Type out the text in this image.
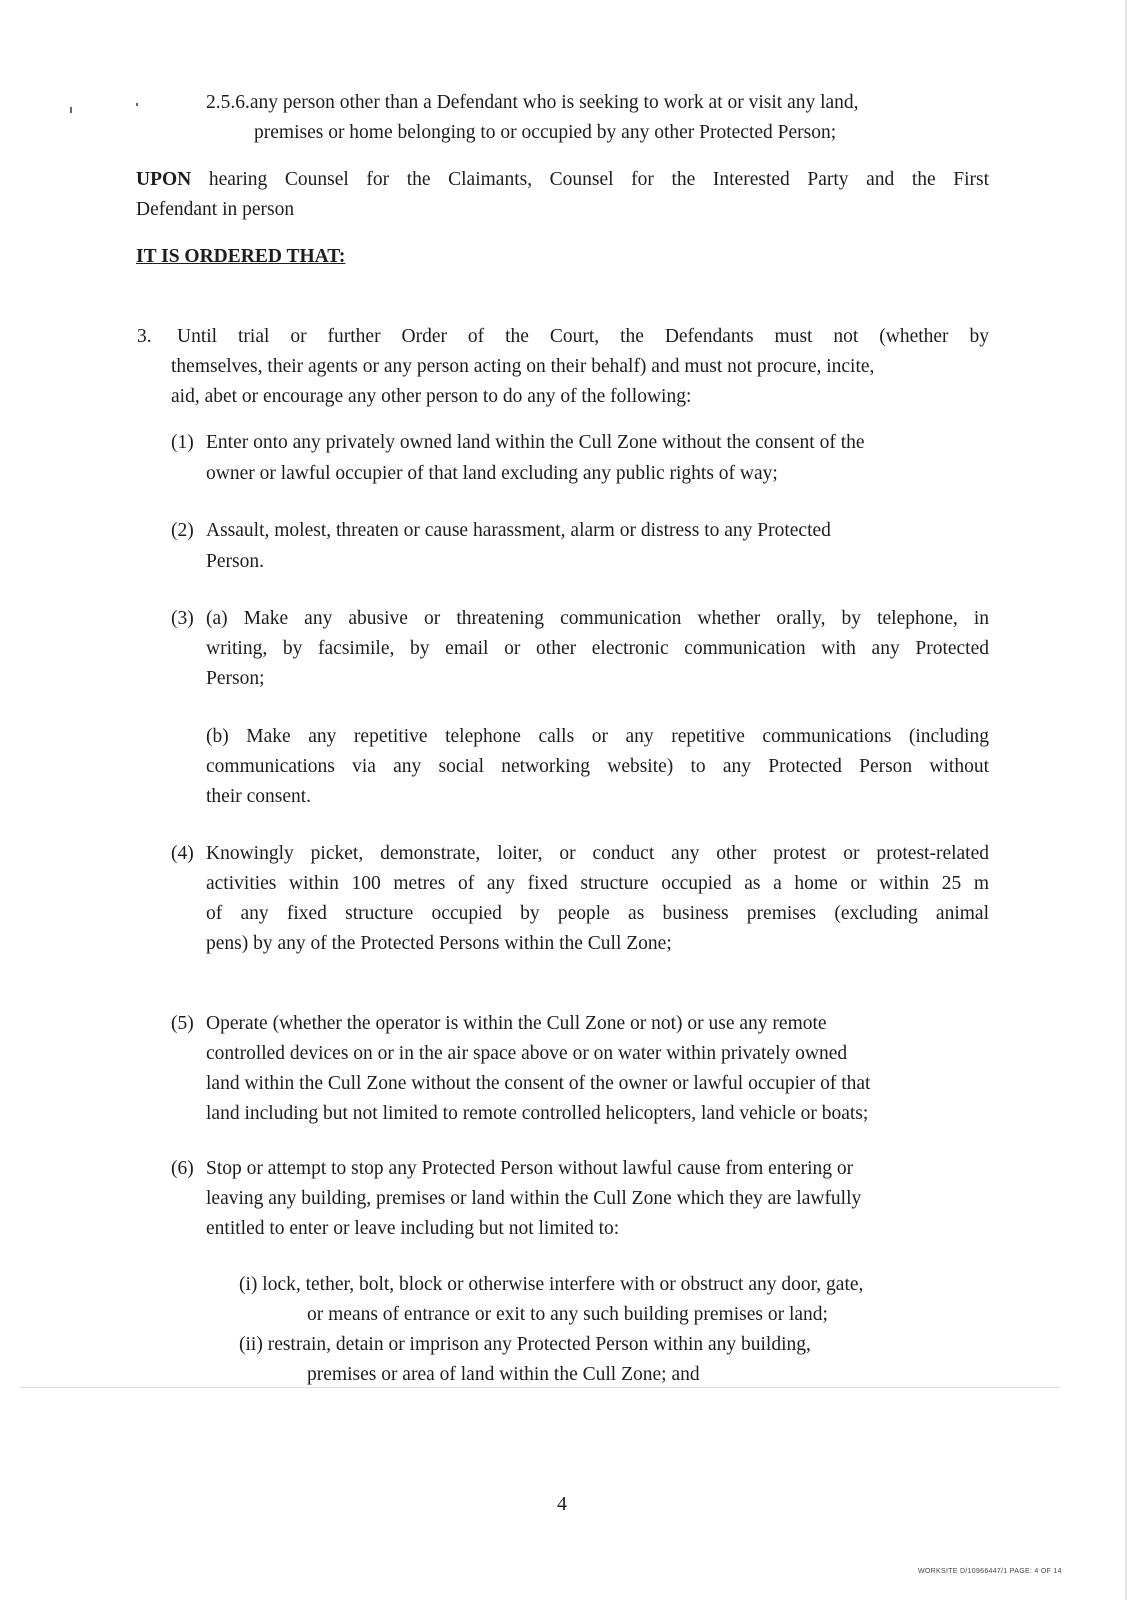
2.5.6.any person other than a Defendant who is seeking to work at or visit any land,
premises or home belonging to or occupied by any other Protected Person;
UPON hearing Counsel for the Claimants, Counsel for the Interested Party and the First
Defendant in person
IT IS ORDERED THAT:
3. Until trial or further Order of the Court, the Defendants must not (whether by
themselves, their agents or any person acting on their behalf) and must not procure, incite,
aid, abet or encourage any other person to do any of the following:
(1) Enter onto any privately owned land within the Cull Zone without the consent of the
owner or lawful occupier of that land excluding any public rights of way;
(2) Assault, molest, threaten or cause harassment, alarm or distress to any Protected
Person.
(3) (a) Make any abusive or threatening communication whether orally, by telephone, in
writing, by facsimile, by email or other electronic communication with any Protected
Person;
(b) Make any repetitive telephone calls or any repetitive communications (including
communications via any social networking website) to any Protected Person without
their consent.
(4) Knowingly picket, demonstrate, loiter, or conduct any other protest or protest-related
activities within 100 metres of any fixed structure occupied as a home or within 25 m
of any fixed structure occupied by people as business premises (excluding animal
pens) by any of the Protected Persons within the Cull Zone;
(5) Operate (whether the operator is within the Cull Zone or not) or use any remote
controlled devices on or in the air space above or on water within privately owned
land within the Cull Zone without the consent of the owner or lawful occupier of that
land including but not limited to remote controlled helicopters, land vehicle or boats;
(6) Stop or attempt to stop any Protected Person without lawful cause from entering or
leaving any building, premises or land within the Cull Zone which they are lawfully
entitled to enter or leave including but not limited to:
(i) lock, tether, bolt, block or otherwise interfere with or obstruct any door, gate,
or means of entrance or exit to any such building premises or land;
(ii) restrain, detain or imprison any Protected Person within any building,
premises or area of land within the Cull Zone; and
4
WORKSITE D/10966447/1 PAGE: 4 OF 14
